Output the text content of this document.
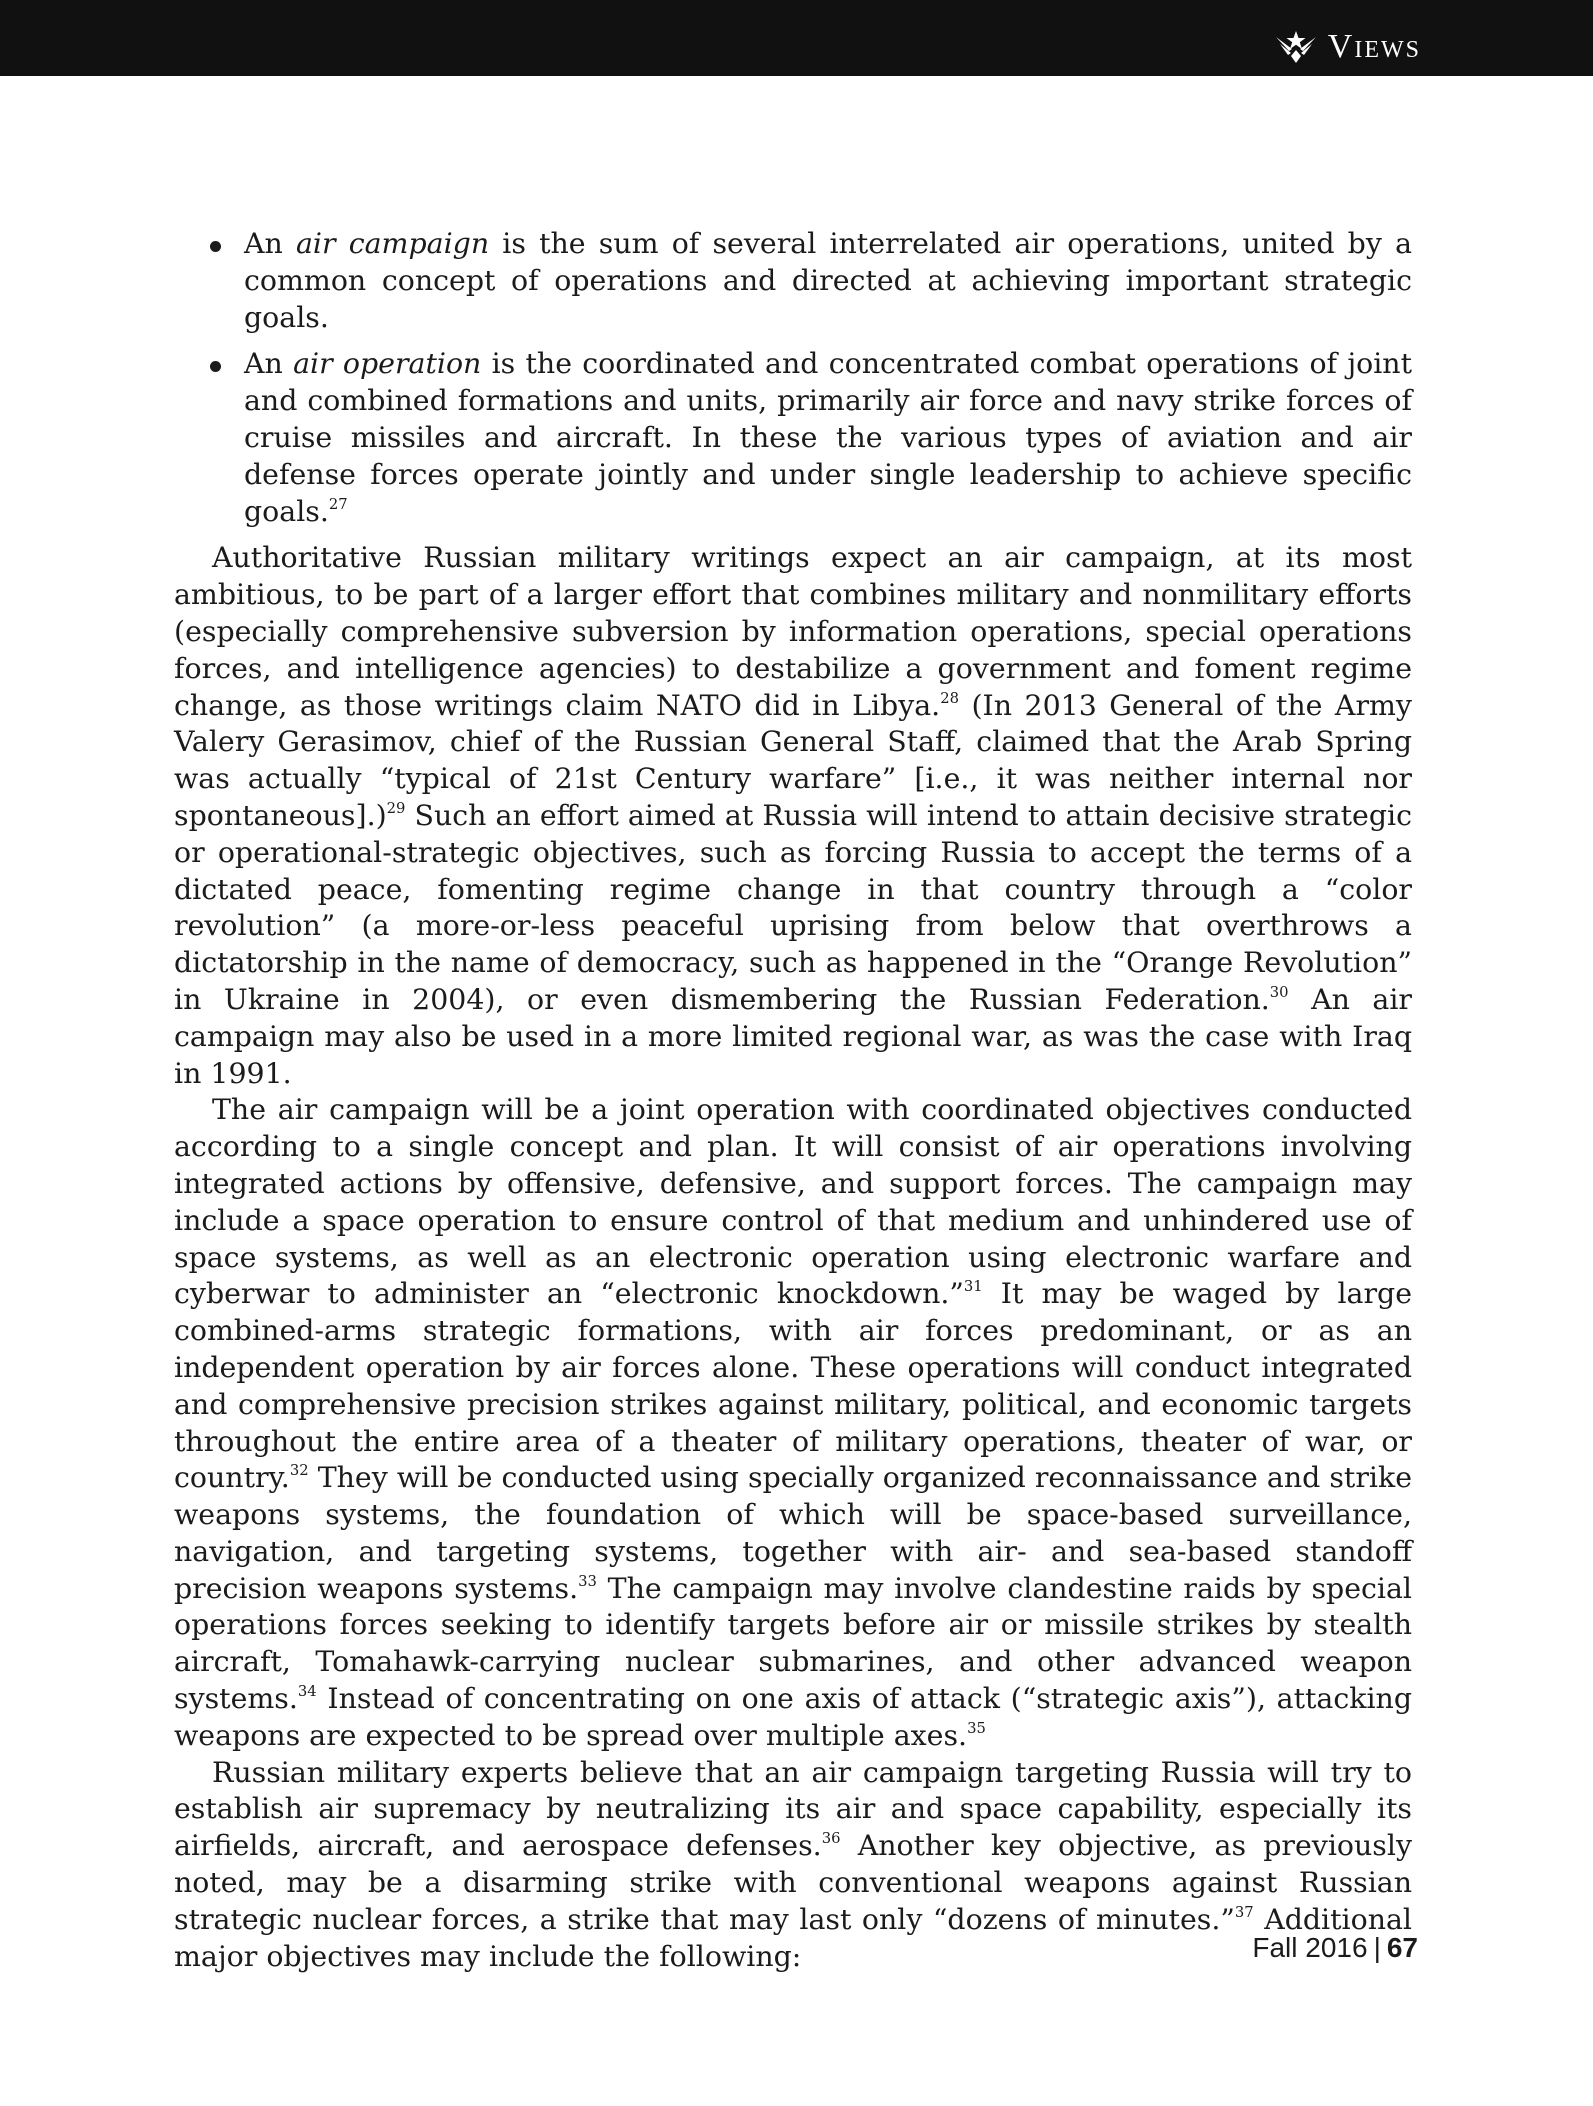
Views
An air campaign is the sum of several interrelated air operations, united by a common concept of operations and directed at achieving important strategic goals.
An air operation is the coordinated and concentrated combat operations of joint and combined formations and units, primarily air force and navy strike forces of cruise missiles and aircraft. In these the various types of aviation and air defense forces operate jointly and under single leadership to achieve specific goals.$^{27}$

Authoritative Russian military writings expect an air campaign, at its most ambitious, to be part of a larger effort that combines military and nonmilitary efforts (especially comprehensive subversion by information operations, special operations forces, and intelligence agencies) to destabilize a government and foment regime change, as those writings claim NATO did in Libya.$^{28}$ (In 2013 General of the Army Valery Gerasimov, chief of the Russian General Staff, claimed that the Arab Spring was actually “typical of 21st Century warfare” [i.e., it was neither internal nor spontaneous].)$^{29}$ Such an effort aimed at Russia will intend to attain decisive strategic or operational-strategic objectives, such as forcing Russia to accept the terms of a dictated peace, fomenting regime change in that country through a “color revolution” (a more-or-less peaceful uprising from below that overthrows a dictatorship in the name of democracy, such as happened in the “Orange Revolution” in Ukraine in 2004), or even dismembering the Russian Federation.$^{30}$ An air campaign may also be used in a more limited regional war, as was the case with Iraq in 1991.

The air campaign will be a joint operation with coordinated objectives conducted according to a single concept and plan. It will consist of air operations involving integrated actions by offensive, defensive, and support forces. The campaign may include a space operation to ensure control of that medium and unhindered use of space systems, as well as an electronic operation using electronic warfare and cyberwar to administer an “electronic knockdown.”$^{31}$ It may be waged by large combined-arms strategic formations, with air forces predominant, or as an independent operation by air forces alone. These operations will conduct integrated and comprehensive precision strikes against military, political, and economic targets throughout the entire area of a theater of military operations, theater of war, or country.$^{32}$ They will be conducted using specially organized reconnaissance and strike weapons systems, the foundation of which will be space-based surveillance, navigation, and targeting systems, together with air- and sea-based standoff precision weapons systems.$^{33}$ The campaign may involve clandestine raids by special operations forces seeking to identify targets before air or missile strikes by stealth aircraft, Tomahawk-carrying nuclear submarines, and other advanced weapon systems.$^{34}$ Instead of concentrating on one axis of attack (“strategic axis”), attacking weapons are expected to be spread over multiple axes.$^{35}$

Russian military experts believe that an air campaign targeting Russia will try to establish air supremacy by neutralizing its air and space capability, especially its airfields, aircraft, and aerospace defenses.$^{36}$ Another key objective, as previously noted, may be a disarming strike with conventional weapons against Russian strategic nuclear forces, a strike that may last only “dozens of minutes.”$^{37}$ Additional major objectives may include the following:	Fall 2016 | 67
